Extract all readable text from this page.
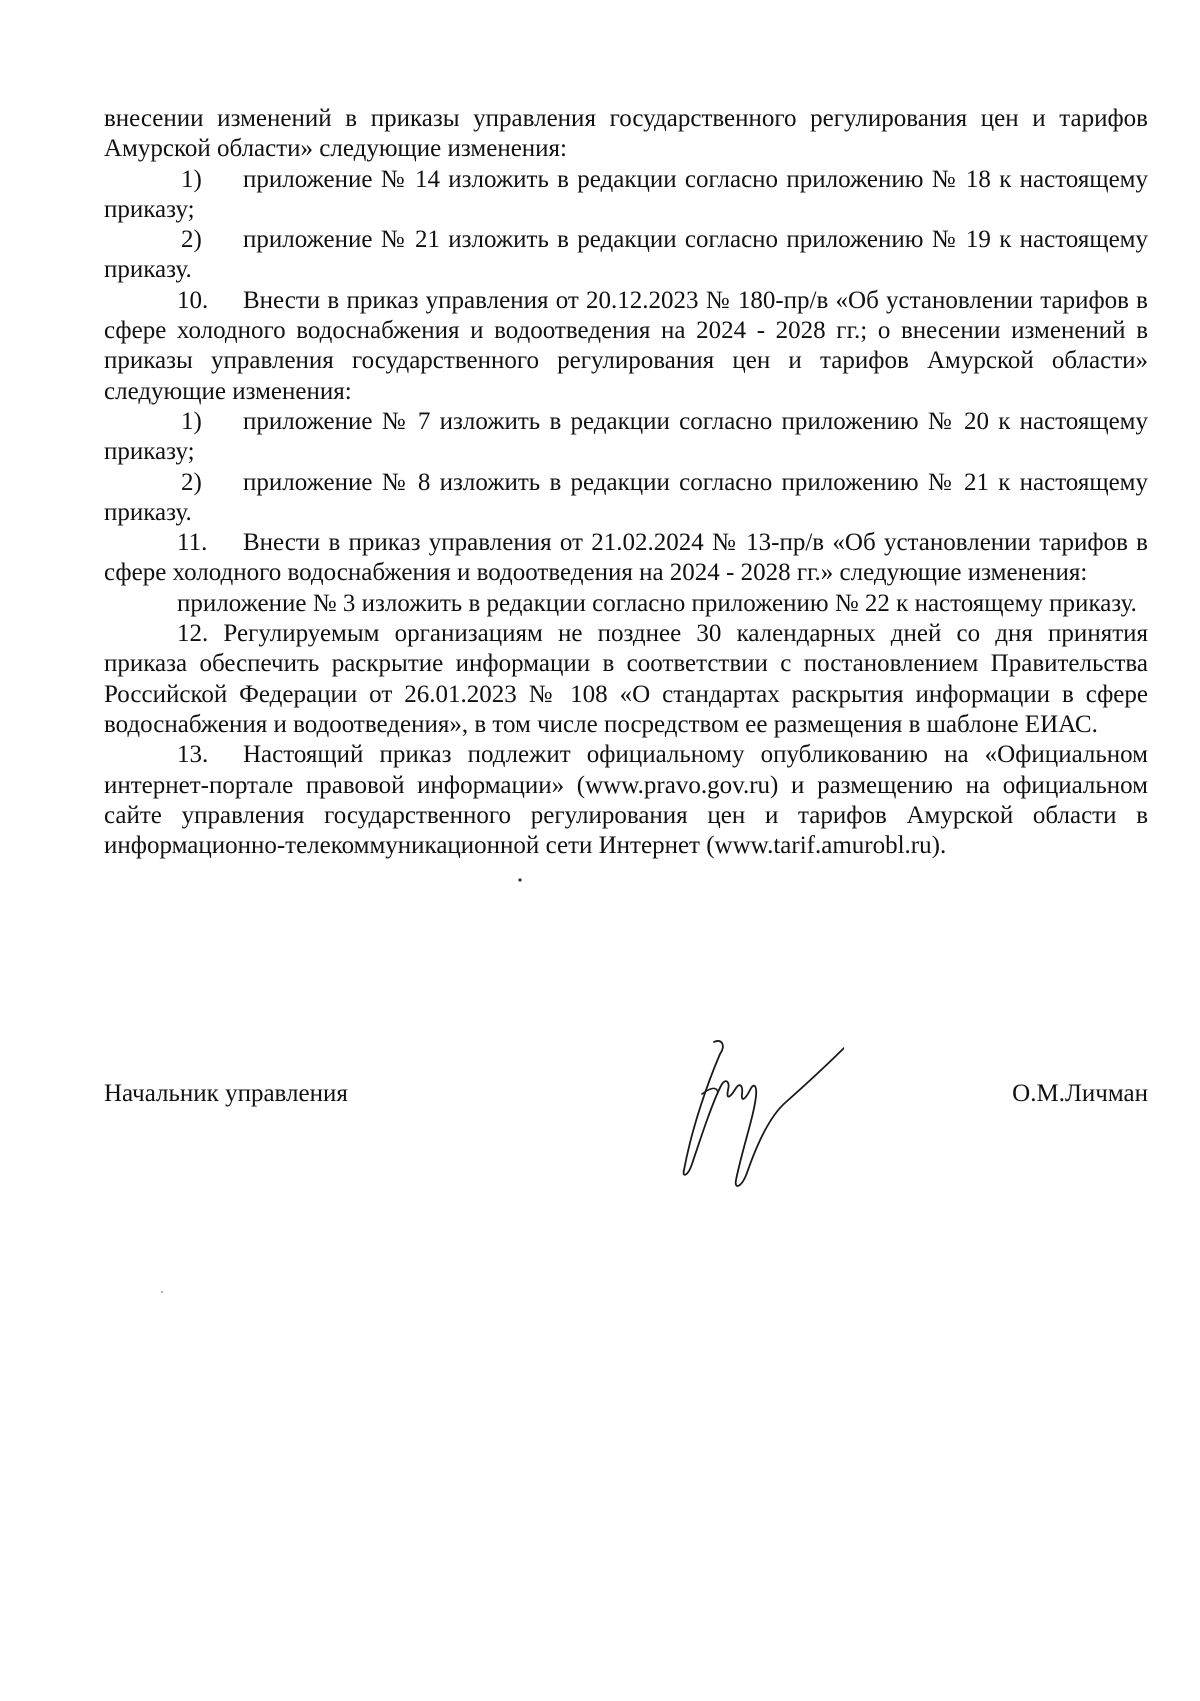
внесении изменений в приказы управления государственного регулирования цен и тарифов Амурской области» следующие изменения:

1) приложение № 14 изложить в редакции согласно приложению № 18 к настоящему приказу;

2) приложение № 21 изложить в редакции согласно приложению № 19 к настоящему приказу.

10. Внести в приказ управления от 20.12.2023 № 180-пр/в «Об установлении тарифов в сфере холодного водоснабжения и водоотведения на 2024 - 2028 гг.; о внесении изменений в приказы управления государственного регулирования цен и тарифов Амурской области» следующие изменения:

1) приложение № 7 изложить в редакции согласно приложению № 20 к настоящему приказу;

2) приложение № 8 изложить в редакции согласно приложению № 21 к настоящему приказу.

11. Внести в приказ управления от 21.02.2024 № 13-пр/в «Об установлении тарифов в сфере холодного водоснабжения и водоотведения на 2024 - 2028 гг.» следующие изменения:

приложение № 3 изложить в редакции согласно приложению № 22 к настоящему приказу.

12. Регулируемым организациям не позднее 30 календарных дней со дня принятия приказа обеспечить раскрытие информации в соответствии с постановлением Правительства Российской Федерации от 26.01.2023 № 108 «О стандартах раскрытия информации в сфере водоснабжения и водоотведения», в том числе посредством ее размещения в шаблоне ЕИАС.

13. Настоящий приказ подлежит официальному опубликованию на «Официальном интернет-портале правовой информации» (www.pravo.gov.ru) и размещению на официальном сайте управления государственного регулирования цен и тарифов Амурской области в информационно-телекоммуникационной сети Интернет (www.tarif.amurobl.ru).

Начальник управления	О.М.Личман
